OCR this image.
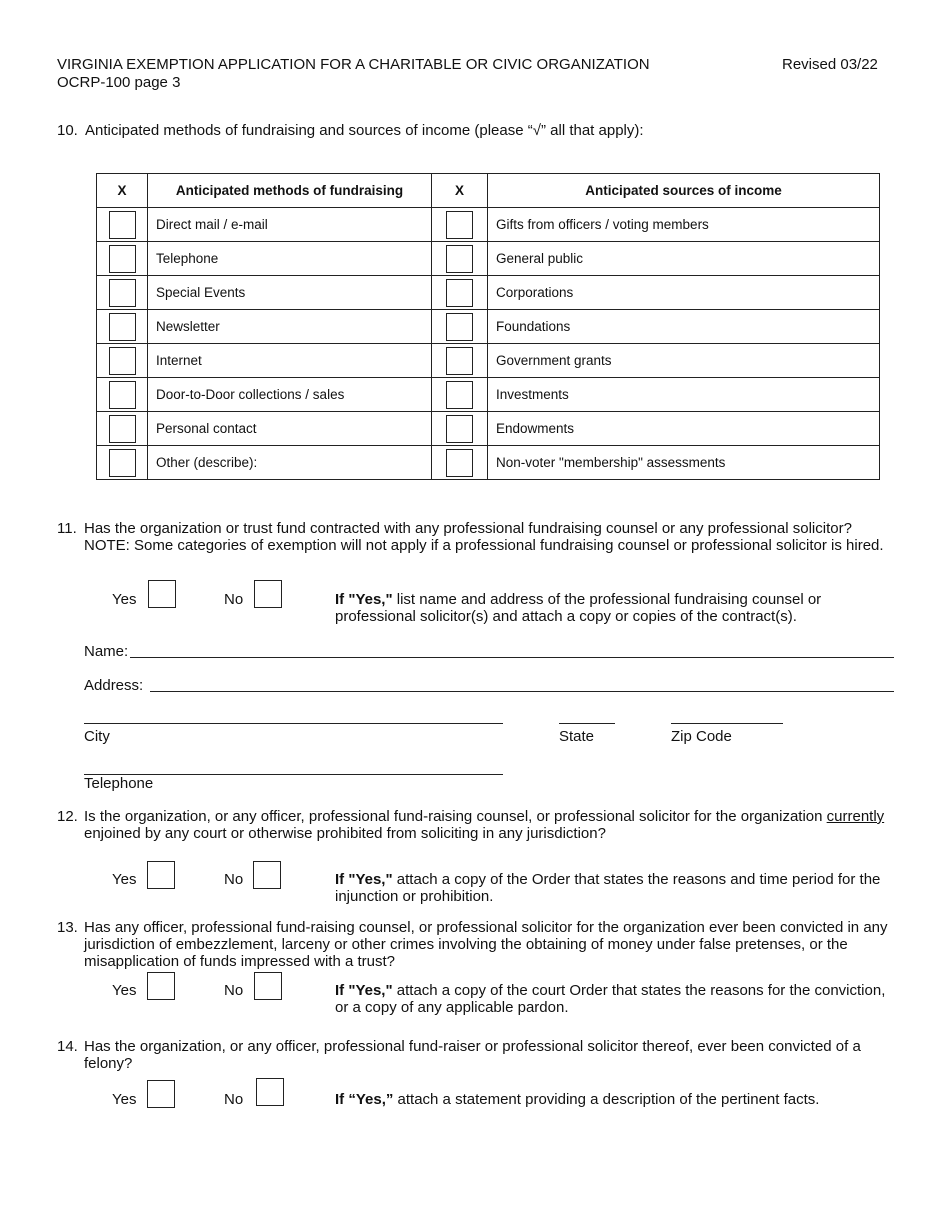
VIRGINIA EXEMPTION APPLICATION FOR A CHARITABLE OR CIVIC ORGANIZATION
OCRP-100 page 3
Revised 03/22
10. Anticipated methods of fundraising and sources of income (please “√” all that apply):
X	Anticipated methods of fundraising	X	Anticipated sources of income
	Direct mail / e-mail		Gifts from officers / voting members
	Telephone		General public
	Special Events		Corporations
	Newsletter		Foundations
	Internet		Government grants
	Door-to-Door collections / sales		Investments
	Personal contact		Endowments
	Other (describe):		Non-voter "membership" assessments
11. Has the organization or trust fund contracted with any professional fundraising counsel or any professional solicitor? NOTE: Some categories of exemption will not apply if a professional fundraising counsel or professional solicitor is hired.
Yes	No	If "Yes," list name and address of the professional fundraising counsel or professional solicitor(s) and attach a copy or copies of the contract(s).
Name:
Address:
City	State	Zip Code
Telephone
12. Is the organization, or any officer, professional fund-raising counsel, or professional solicitor for the organization currently enjoined by any court or otherwise prohibited from soliciting in any jurisdiction?
Yes	No	If "Yes," attach a copy of the Order that states the reasons and time period for the injunction or prohibition.
13. Has any officer, professional fund-raising counsel, or professional solicitor for the organization ever been convicted in any jurisdiction of embezzlement, larceny or other crimes involving the obtaining of money under false pretenses, or the misapplication of funds impressed with a trust?
Yes	No	If "Yes," attach a copy of the court Order that states the reasons for the conviction, or a copy of any applicable pardon.
14. Has the organization, or any officer, professional fund-raiser or professional solicitor thereof, ever been convicted of a felony?
Yes	No	If “Yes,” attach a statement providing a description of the pertinent facts.
